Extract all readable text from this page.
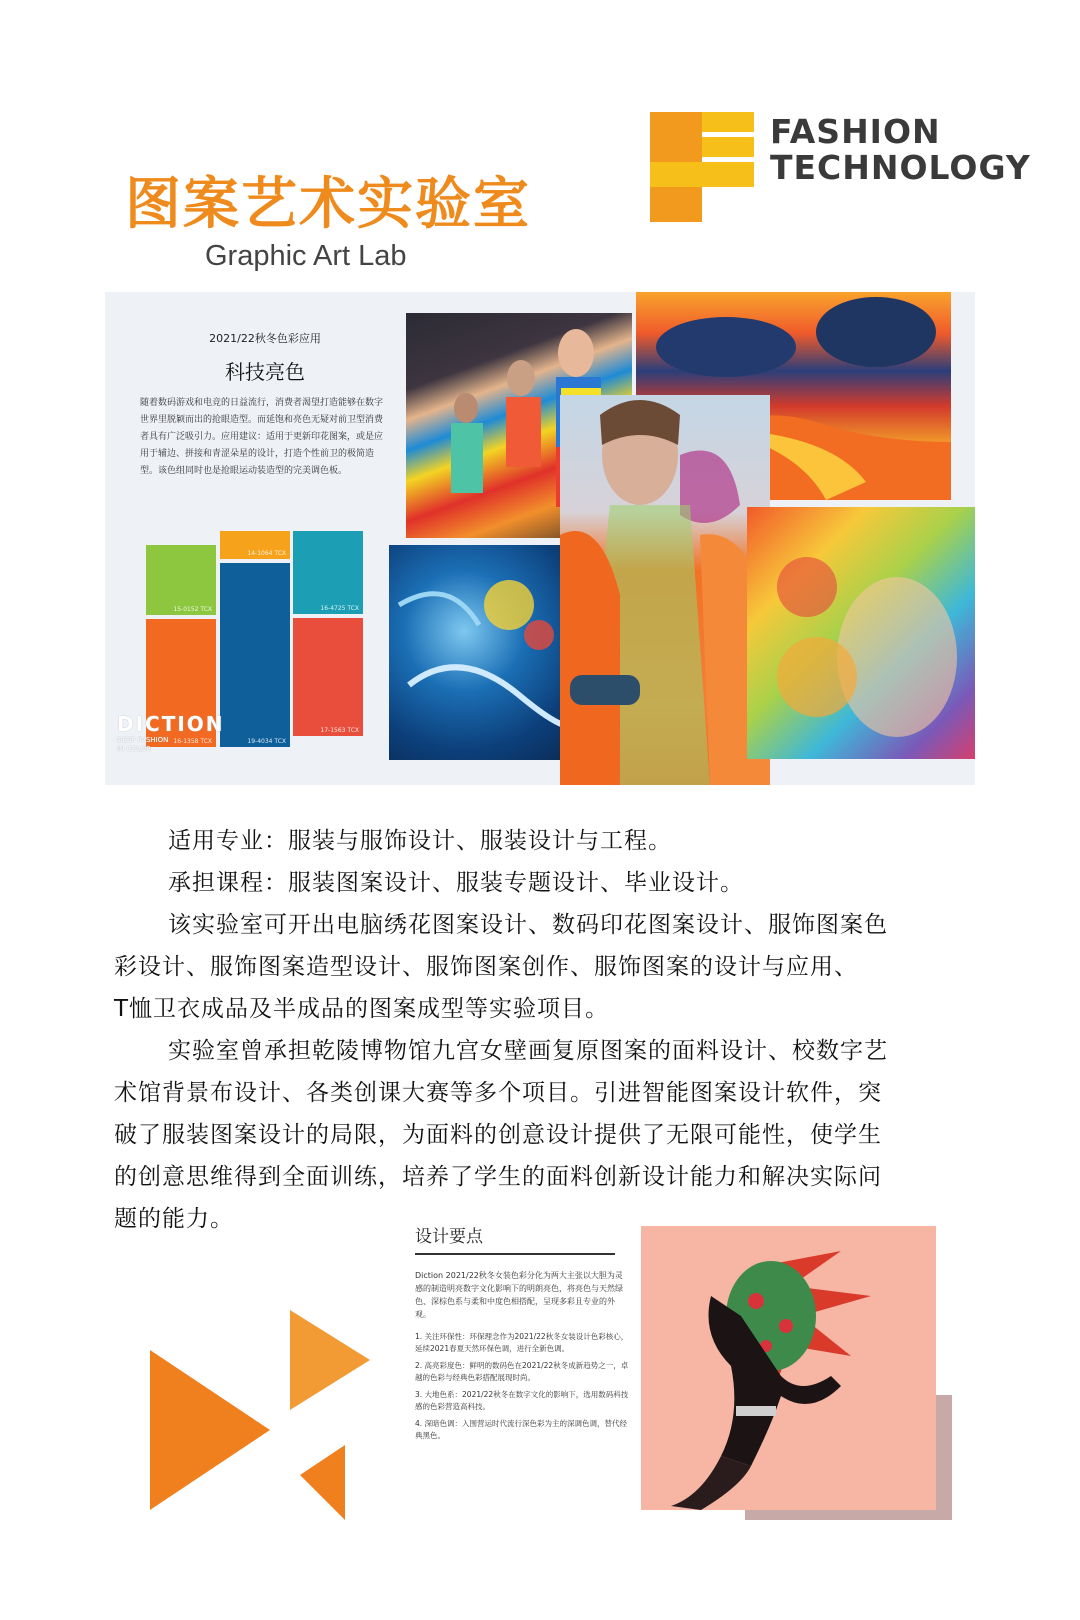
FASHION
TECHNOLOGY
图案艺术实验室
Graphic Art Lab
2021/22秋冬色彩应用
科技亮色
随着数码游戏和电竞的日益流行，消费者渴望打造能够在数字世界里脱颖而出的抢眼造型。而延饱和亮色无疑对前卫型消费者具有广泛吸引力。应用建议：适用于更新印花图案，或是应用于辅边、拼接和青涩朵星的设计，打造个性前卫的极简造型。该色组同时也是抢眼运动装造型的完美调色板。
15-0152 TCX
14-1064 TCX
16-4725 TCX
16-1358 TCX	19-4034 TCX
17-1563 TCX
DICTION
DEEP FASHION
IN COLOR
适用专业：服装与服饰设计、服装设计与工程。
承担课程：服装图案设计、服装专题设计、毕业设计。
该实验室可开出电脑绣花图案设计、数码印花图案设计、服饰图案色
彩设计、服饰图案造型设计、服饰图案创作、服饰图案的设计与应用、
T恤卫衣成品及半成品的图案成型等实验项目。
实验室曾承担乾陵博物馆九宫女壁画复原图案的面料设计、校数字艺
术馆背景布设计、各类创课大赛等多个项目。引进智能图案设计软件，突
破了服装图案设计的局限，为面料的创意设计提供了无限可能性，使学生
的创意思维得到全面训练，培养了学生的面料创新设计能力和解决实际问
题的能力。
设计要点
Diction 2021/22秋冬女装色彩分化为两大主张以大胆为灵感的制造明亮数字文化影响下的明朗亮色，将亮色与天然绿色、深棕色系与柔和中度色相搭配，呈现多彩且专业的外观。
1. 关注环保性：环保理念作为2021/22秋冬女装设计色彩核心，延续2021春夏天然环保色调，进行全新色调。
2. 高亮彩度色：鲜明的数码色在2021/22秋冬成新趋势之一，卓越的色彩与经典色彩搭配展现时尚。
3. 大地色系：2021/22秋冬在数字文化的影响下，选用数码科技感的色彩营造高科技。
4. 深暗色调：入围营运时代流行深色彩为主的深调色调，替代经典黑色。
